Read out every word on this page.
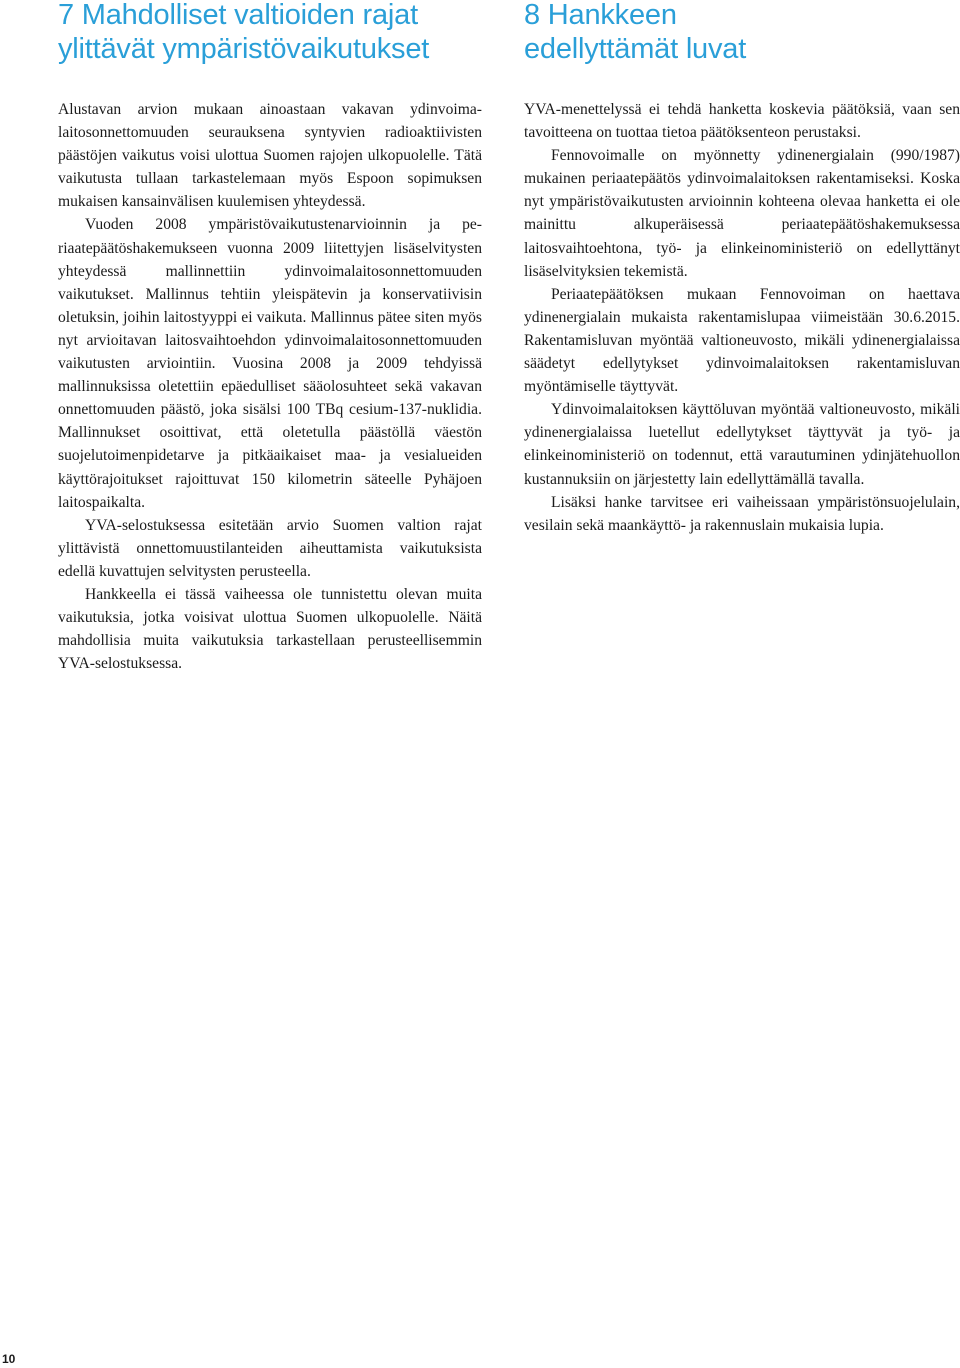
7 Mahdolliset valtioiden rajat
ylittävät ympäristövaikutukset

Alustavan arvion mukaan ainoastaan vakavan ydinvoimalaitosonnettomuuden seurauksena syntyvien radioaktiivisten päästöjen vaikutus voisi ulottua Suomen rajojen ulkopuolelle. Tätä vaikutusta tullaan tarkastelemaan myös Espoon sopimuksen mukaisen kansainvälisen kuulemisen yhteydessä.

Vuoden 2008 ympäristövaikutustenarvioinnin ja periaatepäätöshakemukseen vuonna 2009 liitettyjen lisäselvitysten yhteydessä mallinnettiin ydinvoimalaitosonnettomuuden vaikutukset. Mallinnus tehtiin yleispätevin ja konservatiivisin oletuksin, joihin laitostyyppi ei vaikuta. Mallinnus pätee siten myös nyt arvioitavan laitosvaihtoehdon ydinvoimalaitosonnettomuuden vaikutusten arviointiin. Vuosina 2008 ja 2009 tehdyissä mallinnuksissa oletettiin epäedulliset sääolosuhteet sekä vakavan onnettomuuden päästö, joka sisälsi 100 TBq cesium-137-nuklidia. Mallinnukset osoittivat, että oletetulla päästöllä väestön suojelutoimenpidetarve ja pitkäaikaiset maa- ja vesialueiden käyttörajoitukset rajoittuvat 150 kilometrin säteelle Pyhäjoen laitospaikalta.

YVA-selostuksessa esitetään arvio Suomen valtion rajat ylittävistä onnettomuustilanteiden aiheuttamista vaikutuksista edellä kuvattujen selvitysten perusteella.

Hankkeella ei tässä vaiheessa ole tunnistettu olevan muita vaikutuksia, jotka voisivat ulottua Suomen ulkopuolelle. Näitä mahdollisia muita vaikutuksia tarkastellaan perusteellisemmin YVA-selostuksessa.

8 Hankkeen
edellyttämät luvat

YVA-menettelyssä ei tehdä hanketta koskevia päätöksiä, vaan sen tavoitteena on tuottaa tietoa päätöksenteon perustaksi.

Fennovoimalle on myönnetty ydinenergialain (990/1987) mukainen periaatepäätös ydinvoimalaitoksen rakentamiseksi. Koska nyt ympäristövaikutusten arvioinnin kohteena olevaa hanketta ei ole mainittu alkuperäisessä periaatepäätöshakemuksessa laitosvaihtoehtona, työ- ja elinkeinoministeriö on edellyttänyt lisäselvityksien tekemistä.

Periaatepäätöksen mukaan Fennovoiman on haettava ydinenergialain mukaista rakentamislupaa viimeistään 30.6.2015. Rakentamisluvan myöntää valtioneuvosto, mikäli ydinenergialaissa säädetyt edellytykset ydinvoimalaitoksen rakentamisluvan myöntämiselle täyttyvät.

Ydinvoimalaitoksen käyttöluvan myöntää valtioneuvosto, mikäli ydinenergialaissa luetellut edellytykset täyttyvät ja työ- ja elinkeinoministeriö on todennut, että varautuminen ydinjätehuollon kustannuksiin on järjestetty lain edellyttämällä tavalla.

Lisäksi hanke tarvitsee eri vaiheissaan ympäristönsuojelulain, vesilain sekä maankäyttö- ja rakennuslain mukaisia lupia.

10
